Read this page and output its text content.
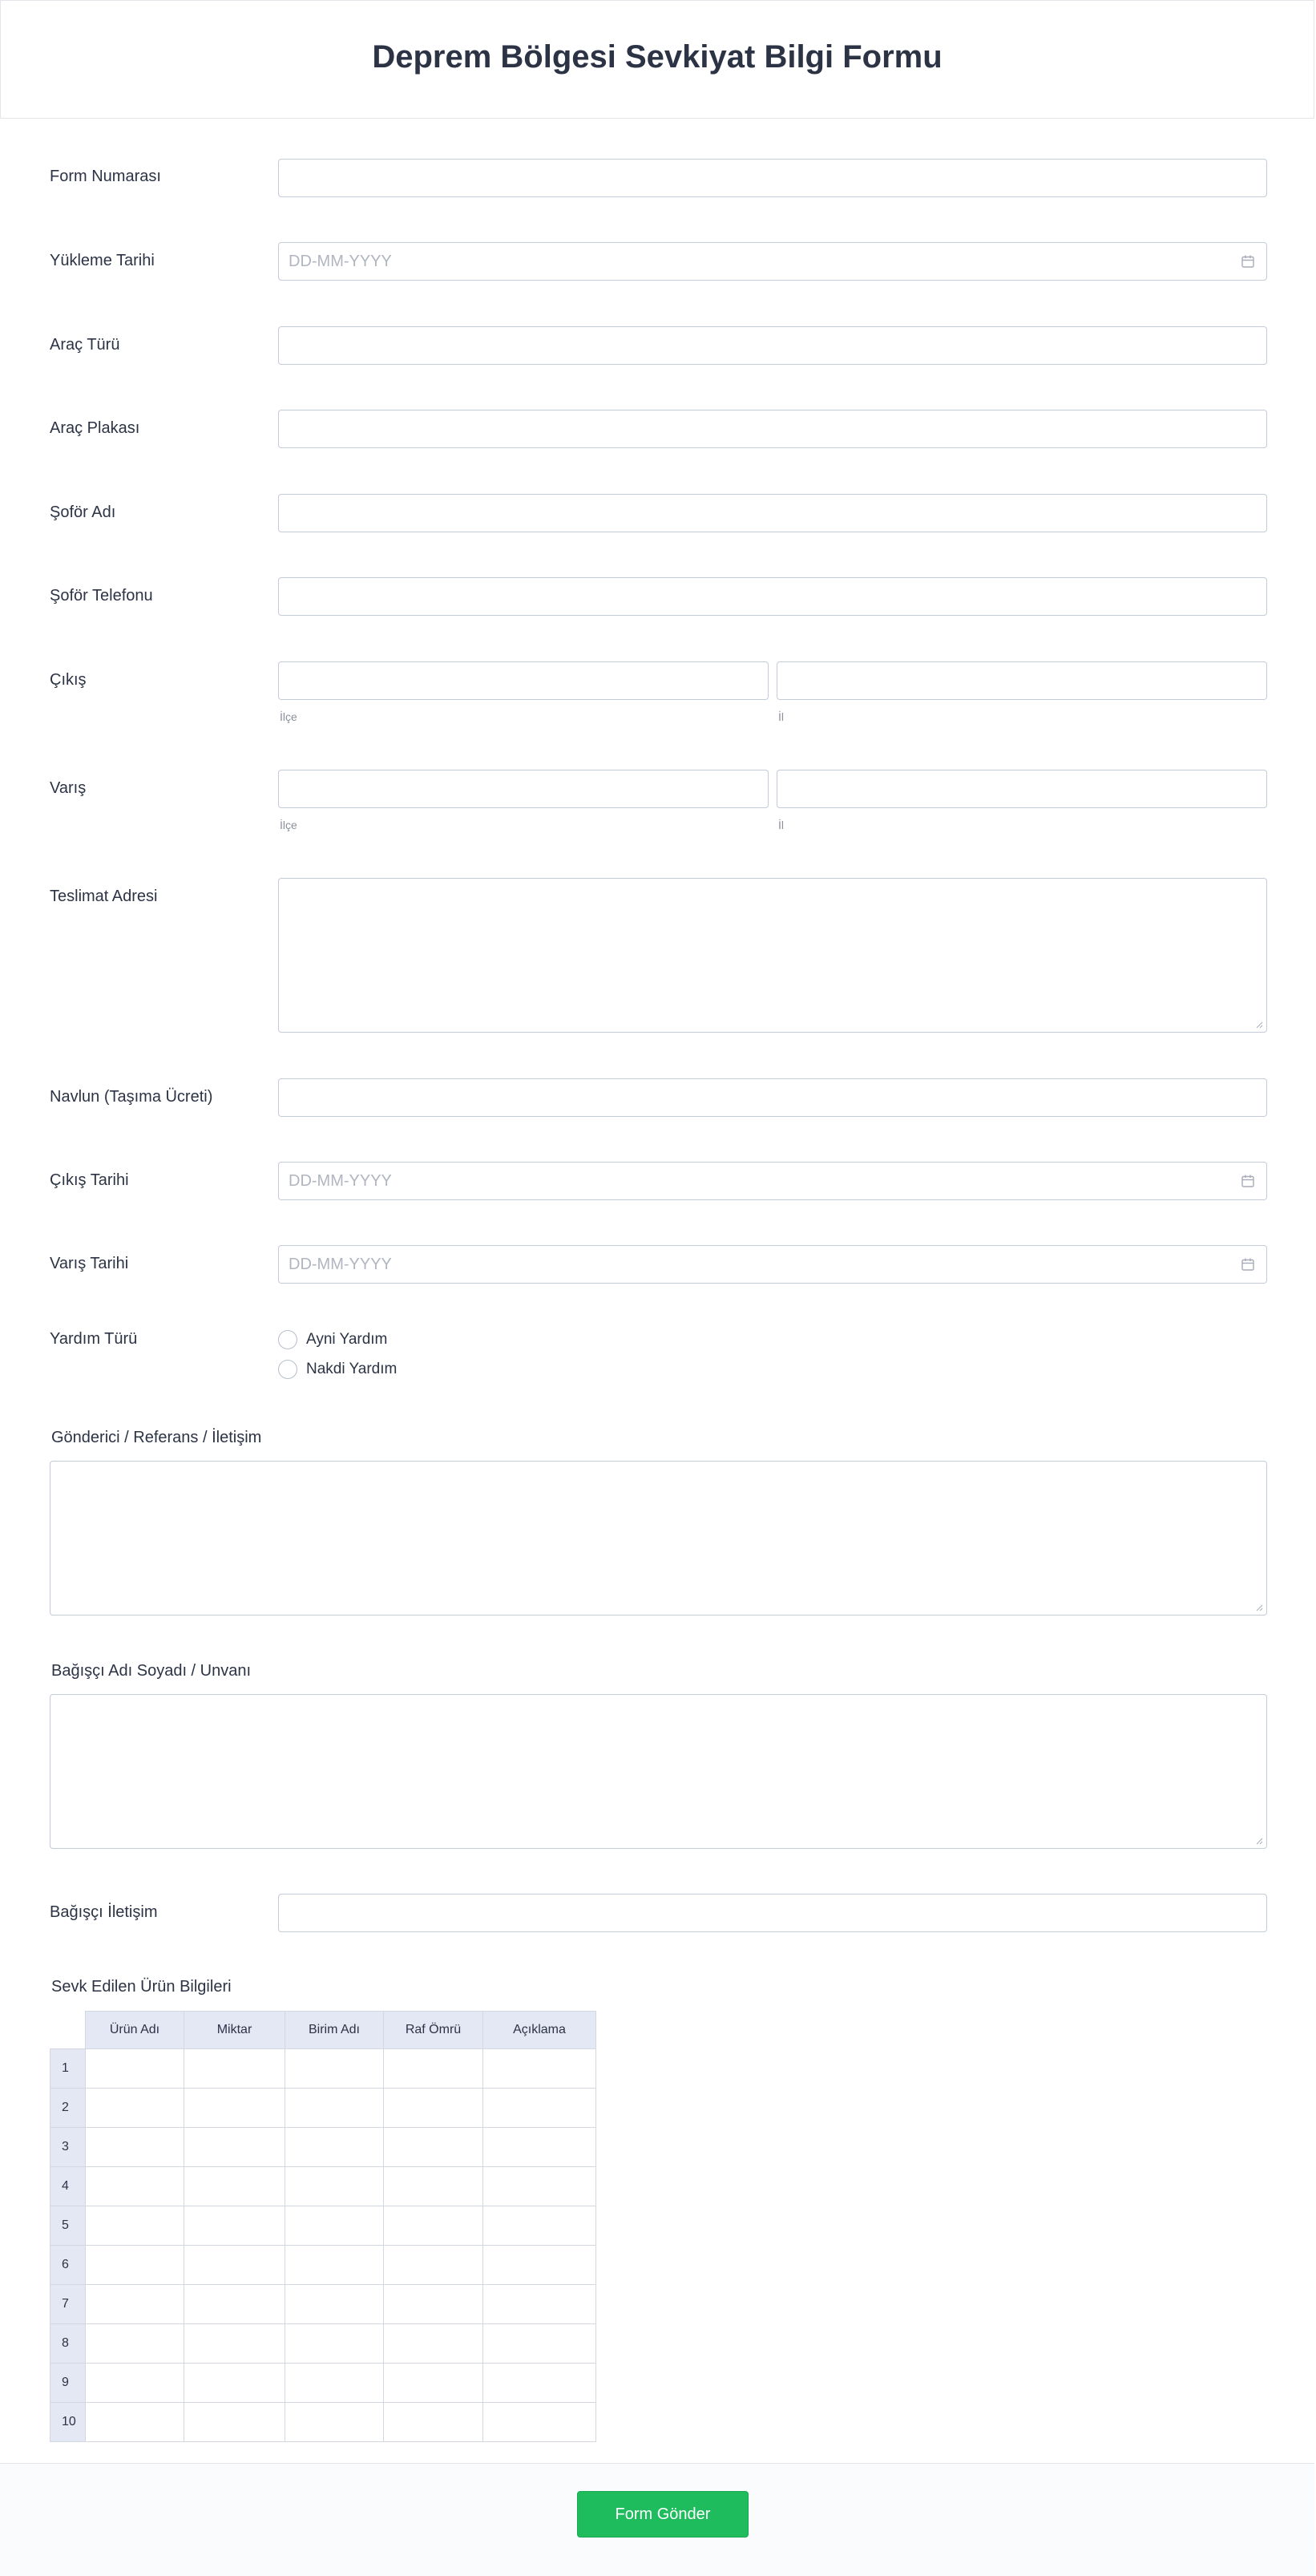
Deprem Bölgesi Sevkiyat Bilgi Formu
Form Numarası
Yükleme Tarihi
DD-MM-YYYY
Araç Türü
Araç Plakası
Şoför Adı
Şoför Telefonu
Çıkış
İlçe	İl
Varış
İlçe	İl
Teslimat Adresi
Navlun (Taşıma Ücreti)
Çıkış Tarihi
DD-MM-YYYY
Varış Tarihi
DD-MM-YYYY
Yardım Türü	Ayni Yardım
Nakdi Yardım
Gönderici / Referans / İletişim
Bağışçı Adı Soyadı / Unvanı
Bağışçı İletişim
Sevk Edilen Ürün Bilgileri
	Ürün Adı	Miktar	Birim Adı	Raf Ömrü	Açıklama
1					
2					
3					
4					
5					
6					
7					
8					
9					
10					
Form Gönder
